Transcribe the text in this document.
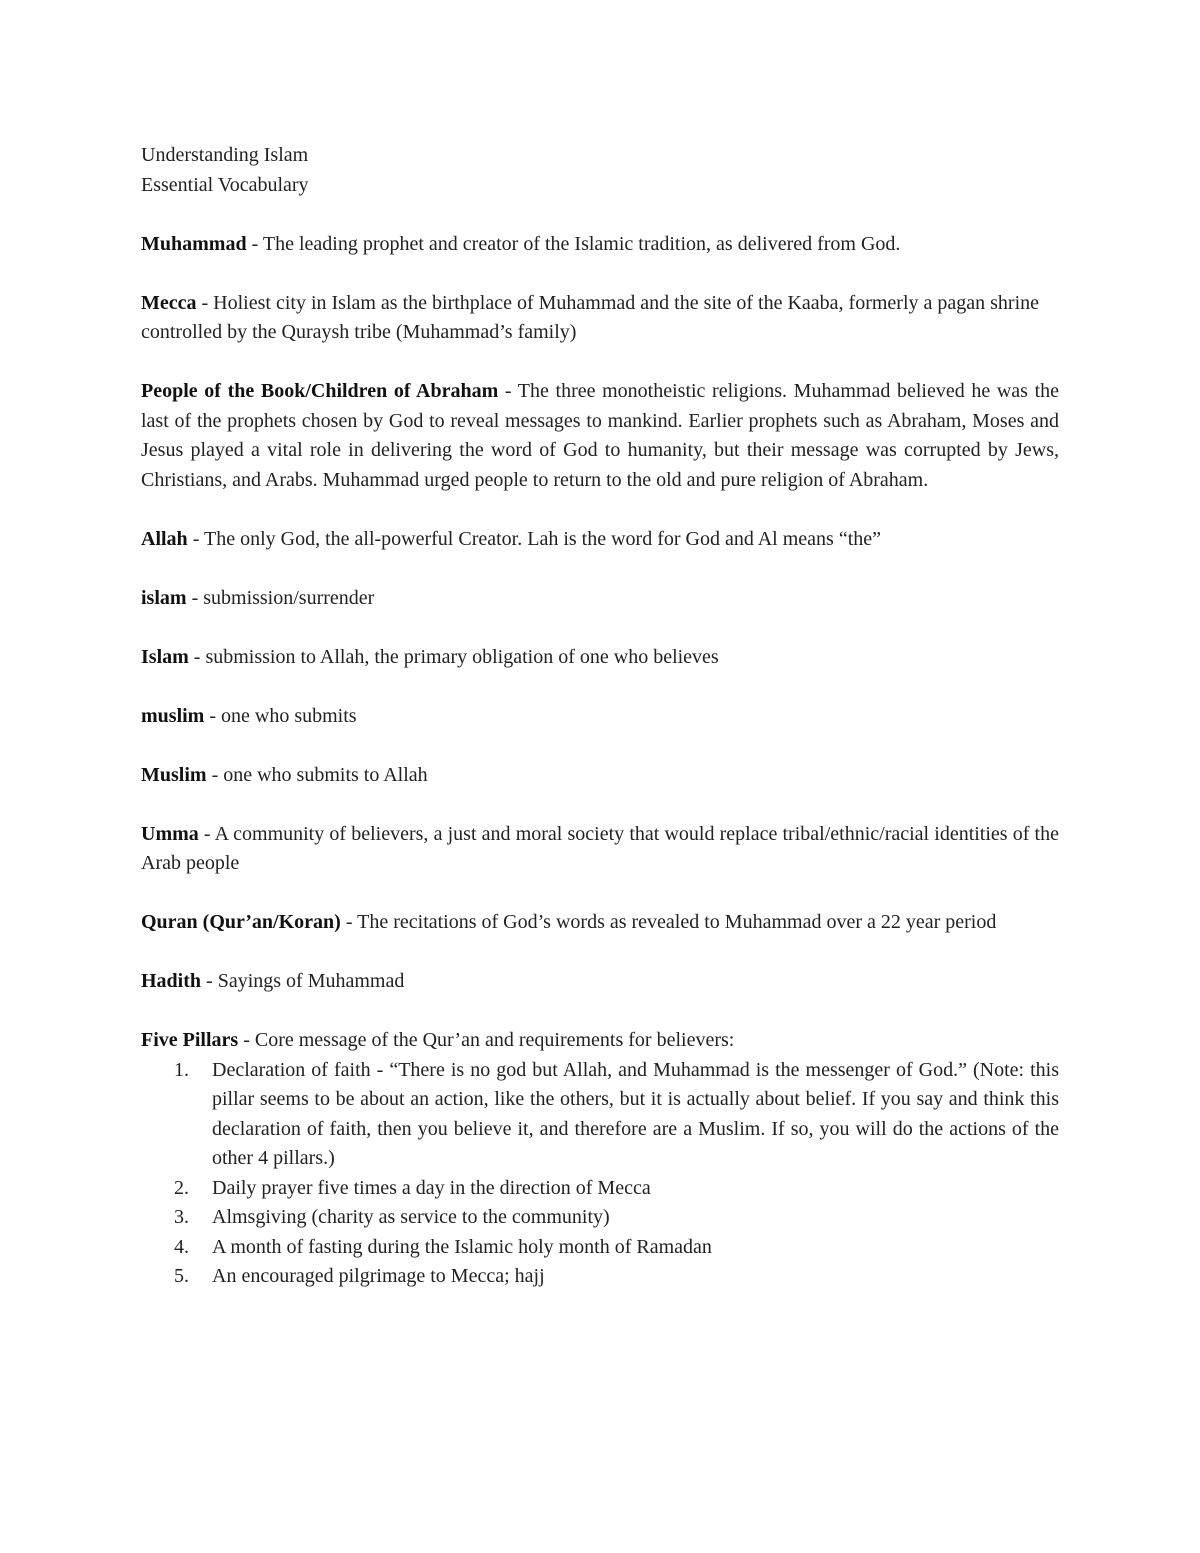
Understanding Islam

Essential Vocabulary

Muhammad - The leading prophet and creator of the Islamic tradition, as delivered from God.

Mecca - Holiest city in Islam as the birthplace of Muhammad and the site of the Kaaba, formerly a pagan shrine controlled by the Quraysh tribe (Muhammad’s family)

People of the Book/Children of Abraham - The three monotheistic religions. Muhammad believed he was the last of the prophets chosen by God to reveal messages to mankind. Earlier prophets such as Abraham, Moses and Jesus played a vital role in delivering the word of God to humanity, but their message was corrupted by Jews, Christians, and Arabs. Muhammad urged people to return to the old and pure religion of Abraham.

Allah - The only God, the all-powerful Creator. Lah is the word for God and Al means “the”

islam - submission/surrender

Islam - submission to Allah, the primary obligation of one who believes

muslim - one who submits

Muslim - one who submits to Allah

Umma - A community of believers, a just and moral society that would replace tribal/ethnic/racial identities of the Arab people

Quran (Qur’an/Koran) - The recitations of God’s words as revealed to Muhammad over a 22 year period

Hadith - Sayings of Muhammad

Five Pillars - Core message of the Qur’an and requirements for believers:

1. Declaration of faith - “There is no god but Allah, and Muhammad is the messenger of God.” (Note: this pillar seems to be about an action, like the others, but it is actually about belief. If you say and think this declaration of faith, then you believe it, and therefore are a Muslim. If so, you will do the actions of the other 4 pillars.)
2. Daily prayer five times a day in the direction of Mecca
3. Almsgiving (charity as service to the community)
4. A month of fasting during the Islamic holy month of Ramadan
5. An encouraged pilgrimage to Mecca; hajj
